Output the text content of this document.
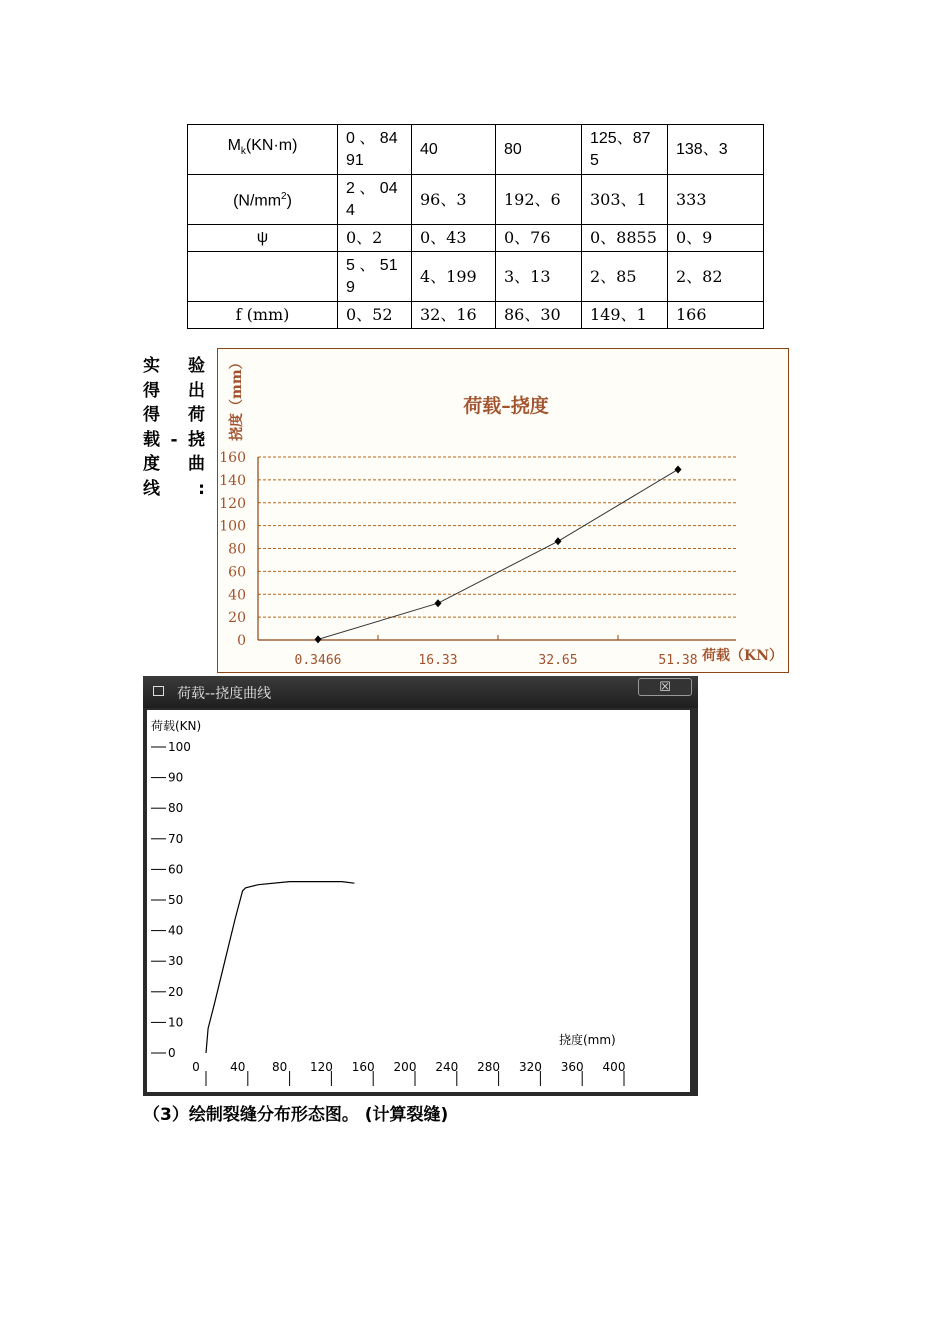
$M_k(KN\cdot m)$	0 、 84 91	40	80	125、87 5	138、3
$(N/mm^2)$	2 、 04 4	96、3	192、6	303、1	333
ψ	0、2	0、43	0、76	0、8855	0、9
	5 、 51 9	4、199	3、13	2、85	2、82
f (mm)	0、52	32、16	86、30	149、1	166
实 验 得 出 得 荷 载-挠 度 曲 线:
荷载–挠度
挠度（mm）
荷载（KN）
0
20
40
60
80
100
120
140
160
0.3466	16.33	32.65	51.38
荷载--挠度曲线	☒
荷载(KN)
挠度(mm)
0
10
20
30
40
50
60
70
80
90
100
0	40 80 120 160 200 240 280 320 360 400
（3）绘制裂缝分布形态图。 (计算裂缝)
